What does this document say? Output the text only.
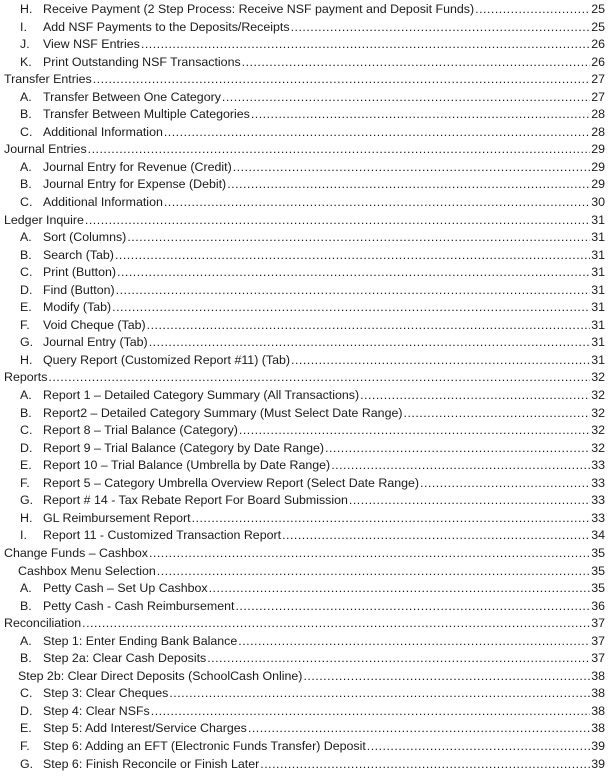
H. Receive Payment (2 Step Process: Receive NSF payment and Deposit Funds) .....	25
I.	Add NSF Payments to the Deposits/Receipts .....	25
J.	View NSF Entries .....	26
K. Print Outstanding NSF Transactions .....	26
Transfer Entries .....	27
A. Transfer Between One Category .....	27
B. Transfer Between Multiple Categories .....	28
C. Additional Information .....	28
Journal Entries .....	29
A. Journal Entry for Revenue (Credit) .....	29
B. Journal Entry for Expense (Debit) .....	29
C. Additional Information .....	30
Ledger Inquire .....	31
A. Sort (Columns) .....	31
B. Search (Tab) .....	31
C. Print (Button) .....	31
D. Find (Button) .....	31
E. Modify (Tab) .....	31
F.	Void Cheque (Tab) .....	31
G. Journal Entry (Tab) .....	31
H. Query Report (Customized Report #11) (Tab) .....	31
Reports .....	32
A. Report 1 – Detailed Category Summary (All Transactions) .....	32
B. Report2 – Detailed Category Summary (Must Select Date Range) .....	32
C. Report 8 – Trial Balance (Category) .....	32
D. Report 9 – Trial Balance (Category by Date Range) .....	32
E. Report 10 – Trial Balance (Umbrella by Date Range) .....	33
F.	Report 5 – Category Umbrella Overview Report (Select Date Range) .....	33
G. Report # 14 - Tax Rebate Report For Board Submission .....	33
H. GL Reimbursement Report .....	33
I.	Report 11 - Customized Transaction Report .....	34
Change Funds – Cashbox .....	35
Cashbox Menu Selection .....	35
A. Petty Cash – Set Up Cashbox .....	35
B. Petty Cash - Cash Reimbursement .....	36
Reconciliation .....	37
A. Step 1: Enter Ending Bank Balance .....	37
B. Step 2a: Clear Cash Deposits .....	37
Step 2b: Clear Direct Deposits (SchoolCash Online) .....	38
C. Step 3: Clear Cheques .....	38
D. Step 4: Clear NSFs .....	38
E. Step 5: Add Interest/Service Charges .....	38
F.	Step 6: Adding an EFT (Electronic Funds Transfer) Deposit .....	39
G. Step 6: Finish Reconcile or Finish Later .....	39
